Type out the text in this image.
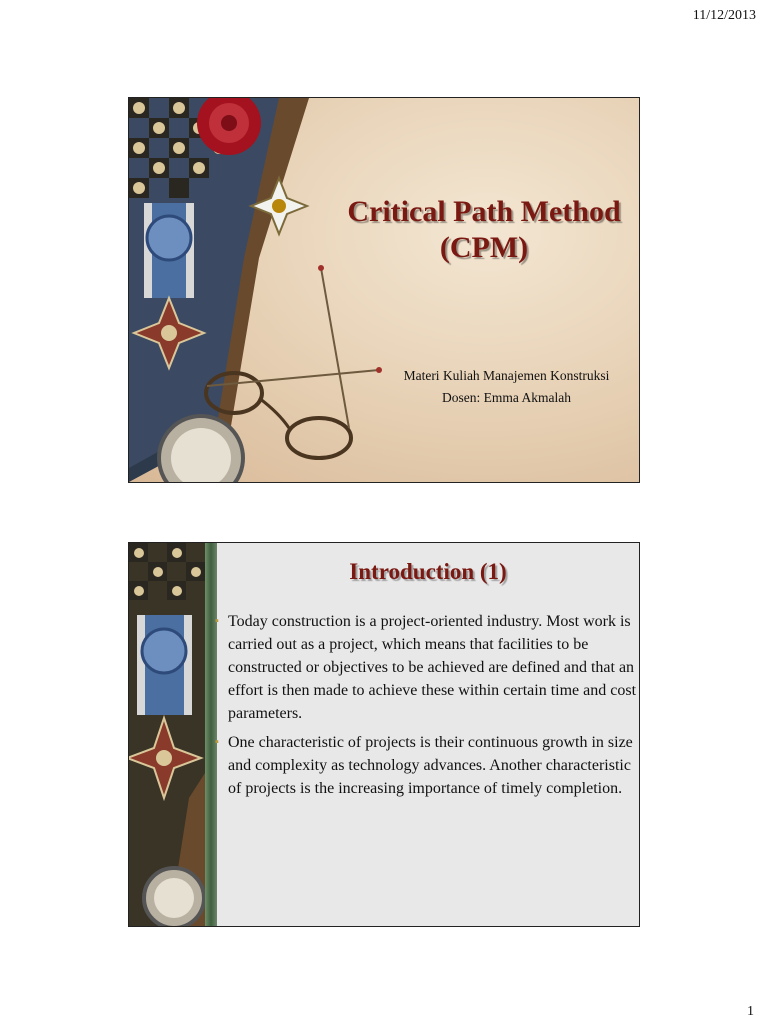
11/12/2013
Critical Path Method
(CPM)
Materi Kuliah Manajemen Konstruksi
Dosen: Emma Akmalah
Introduction (1)
▪ Today construction is a project-oriented industry. Most work is carried out as a project, which means that facilities to be constructed or objectives to be achieved are defined and that an effort is then made to achieve these within certain time and cost parameters.
▪ One characteristic of projects is their continuous growth in size and complexity as technology advances. Another characteristic of projects is the increasing importance of timely completion.
1
